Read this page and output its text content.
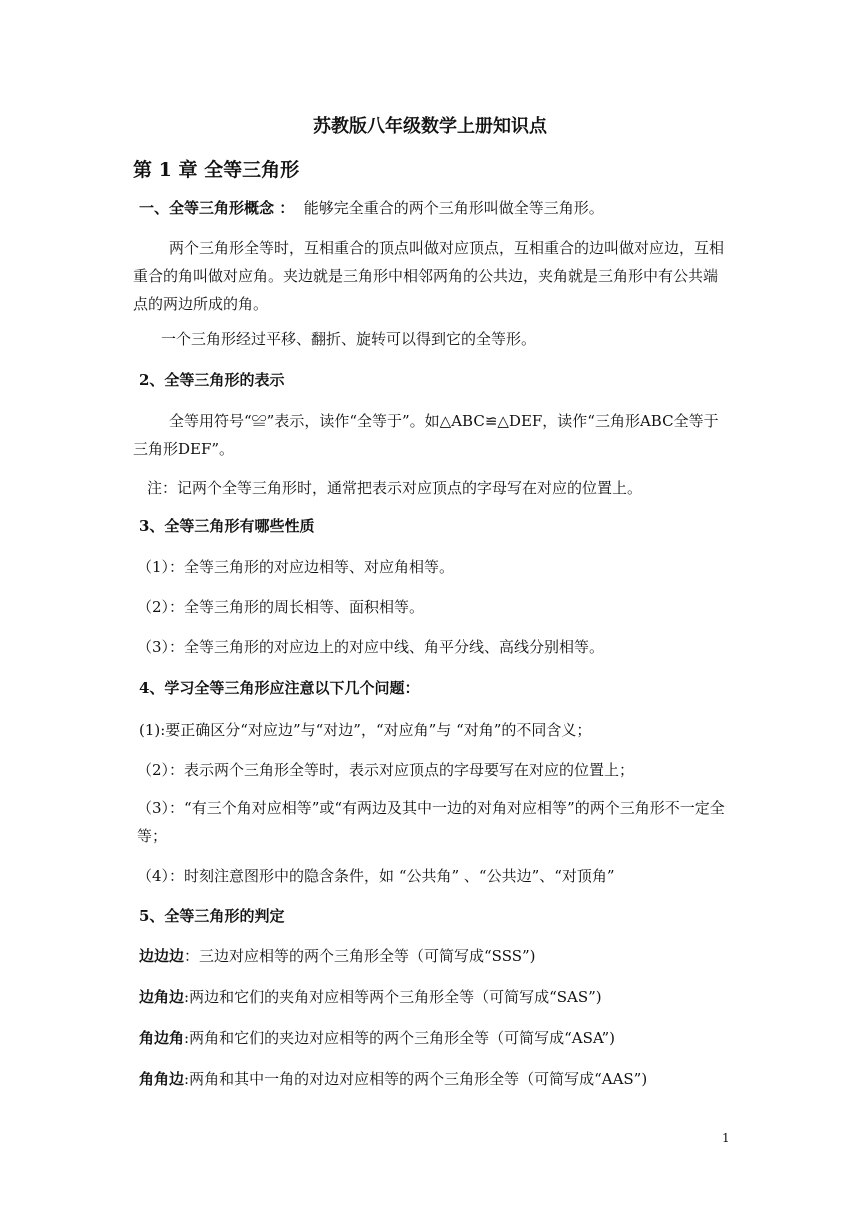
苏教版八年级数学上册知识点
第 1 章 全等三角形
一、全等三角形概念 ： 能够完全重合的两个三角形叫做全等三角形。
两个三角形全等时，互相重合的顶点叫做对应顶点，互相重合的边叫做对应边，互相重合的角叫做对应角。夹边就是三角形中相邻两角的公共边，夹角就是三角形中有公共端点的两边所成的角。
一个三角形经过平移、翻折、旋转可以得到它的全等形。
2、全等三角形的表示
全等用符号“≌”表示，读作“全等于”。如△ABC≌△DEF，读作“三角形ABC全等于三角形DEF”。
注：记两个全等三角形时，通常把表示对应顶点的字母写在对应的位置上。
3、全等三角形有哪些性质
（1）：全等三角形的对应边相等、对应角相等。
（2）：全等三角形的周长相等、面积相等。
（3）：全等三角形的对应边上的对应中线、角平分线、高线分别相等。
4、学习全等三角形应注意以下几个问题：
(1):要正确区分“对应边”与“对边”，“对应角”与 “对角”的不同含义；
（2）：表示两个三角形全等时，表示对应顶点的字母要写在对应的位置上；
（3）：“有三个角对应相等”或“有两边及其中一边的对角对应相等”的两个三角形不一定全等；
（4）：时刻注意图形中的隐含条件，如 “公共角” 、“公共边”、“对顶角”
5、全等三角形的判定
边边边：三边对应相等的两个三角形全等（可简写成“SSS”)
边角边:两边和它们的夹角对应相等两个三角形全等（可简写成“SAS”)
角边角:两角和它们的夹边对应相等的两个三角形全等（可简写成“ASA”)
角角边:两角和其中一角的对边对应相等的两个三角形全等（可简写成“AAS”)
1
